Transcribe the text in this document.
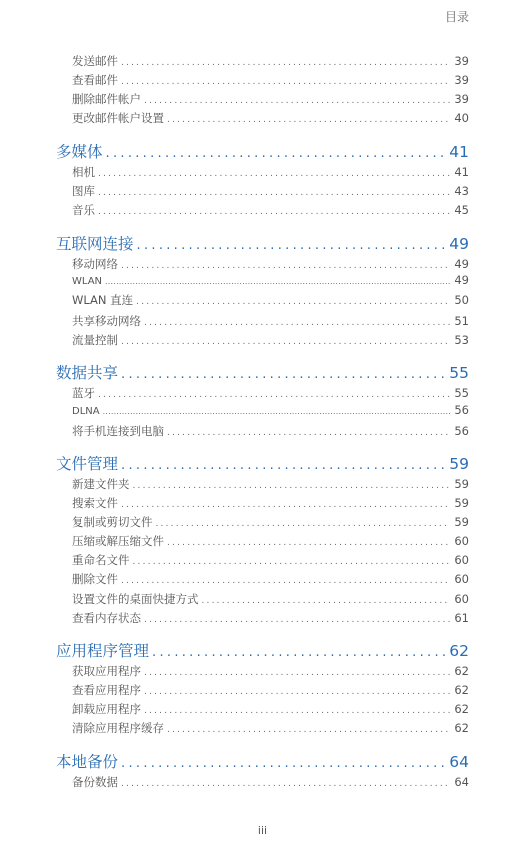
目录
发送邮件 .....	39
查看邮件 .....	39
删除邮件帐户 .....	39
更改邮件帐户设置 .....	40
多媒体 .....	41
相机 .....	41
图库 .....	43
音乐 .....	45
互联网连接 .....	49
移动网络 .....	49
WLAN .....	49
WLAN 直连 .....	50
共享移动网络 .....	51
流量控制 .....	53
数据共享 .....	55
蓝牙 .....	55
DLNA .....	56
将手机连接到电脑 .....	56
文件管理 .....	59
新建文件夹 .....	59
搜索文件 .....	59
复制或剪切文件 .....	59
压缩或解压缩文件 .....	60
重命名文件 .....	60
删除文件 .....	60
设置文件的桌面快捷方式 .....	60
查看内存状态 .....	61
应用程序管理 .....	62
获取应用程序 .....	62
查看应用程序 .....	62
卸载应用程序 .....	62
清除应用程序缓存 .....	62
本地备份 .....	64
备份数据 .....	64
iii
